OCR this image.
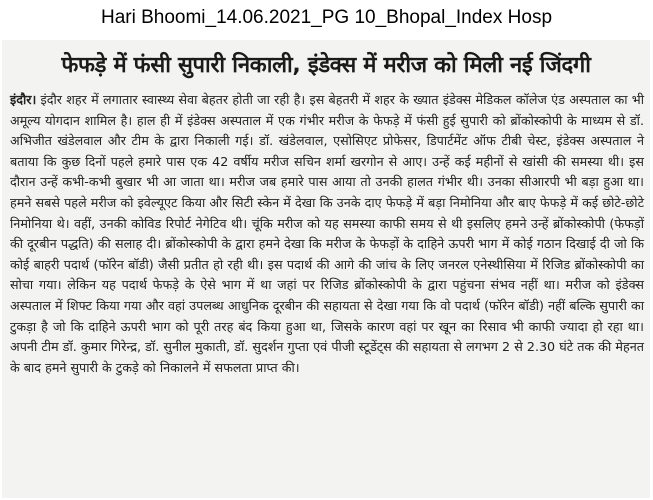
Hari Bhoomi_14.06.2021_PG 10_Bhopal_Index Hosp
फेफड़े में फंसी सुपारी निकाली, इंडेक्स में मरीज को मिली नई जिंदगी

इंदौर। इंदौर शहर में लगातार स्वास्थ्य सेवा बेहतर होती जा रही है। इस बेहतरी में शहर के ख्यात इंडेक्स मेडिकल कॉलेज एंड अस्पताल का भी अमूल्य योगदान शामिल है। हाल ही में इंडेक्स अस्पताल में एक गंभीर मरीज के फेफड़े में फंसी हुई सुपारी को ब्रोंकोस्कोपी के माध्यम से डॉ. अभिजीत खंडेलवाल और टीम के द्वारा निकाली गई। डॉ. खंडेलवाल, एसोसिएट प्रोफेसर, डिपार्टमेंट ऑफ टीबी चेस्ट, इंडेक्स अस्पताल ने बताया कि कुछ दिनों पहले हमारे पास एक 42 वर्षीय मरीज सचिन शर्मा खरगोन से आए। उन्हें कई महीनों से खांसी की समस्या थी। इस दौरान उन्हें कभी-कभी बुखार भी आ जाता था। मरीज जब हमारे पास आया तो उनकी हालत गंभीर थी। उनका सीआरपी भी बड़ा हुआ था। हमने सबसे पहले मरीज को इवेल्यूएट किया और सिटी स्केन में देखा कि उनके दाए फेफड़े में बड़ा निमोनिया और बाए फेफड़े में कई छोटे-छोटे निमोनिया थे। वहीं, उनकी कोविड रिपोर्ट नेगेटिव थी। चूंकि मरीज को यह समस्या काफी समय से थी इसलिए हमने उन्हें ब्रोंकोस्कोपी (फेफड़ों की दूरबीन पद्धति) की सलाह दी। ब्रोंकोस्कोपी के द्वारा हमने देखा कि मरीज के फेफड़ों के दाहिने ऊपरी भाग में कोई गठान दिखाई दी जो कि कोई बाहरी पदार्थ (फॉरेन बॉडी) जैसी प्रतीत हो रही थी। इस पदार्थ की आगे की जांच के लिए जनरल एनेस्थीसिया में रिजिड ब्रोंकोस्कोपी का सोचा गया। लेकिन यह पदार्थ फेफड़े के ऐसे भाग में था जहां पर रिजिड ब्रोंकोस्कोपी के द्वारा पहुंचना संभव नहीं था। मरीज को इंडेक्स अस्पताल में शिफ्ट किया गया और वहां उपलब्ध आधुनिक दूरबीन की सहायता से देखा गया कि वो पदार्थ (फॉरेन बॉडी) नहीं बल्कि सुपारी का टुकड़ा है जो कि दाहिने ऊपरी भाग को पूरी तरह बंद किया हुआ था, जिसके कारण वहां पर खून का रिसाव भी काफी ज्यादा हो रहा था। अपनी टीम डॉ. कुमार गिरेन्द्र, डॉ. सुनील मुकाती, डॉ. सुदर्शन गुप्ता एवं पीजी स्टूडेंट्स की सहायता से लगभग 2 से 2.30 घंटे तक की मेहनत के बाद हमने सुपारी के टुकड़े को निकालने में सफलता प्राप्त की।
